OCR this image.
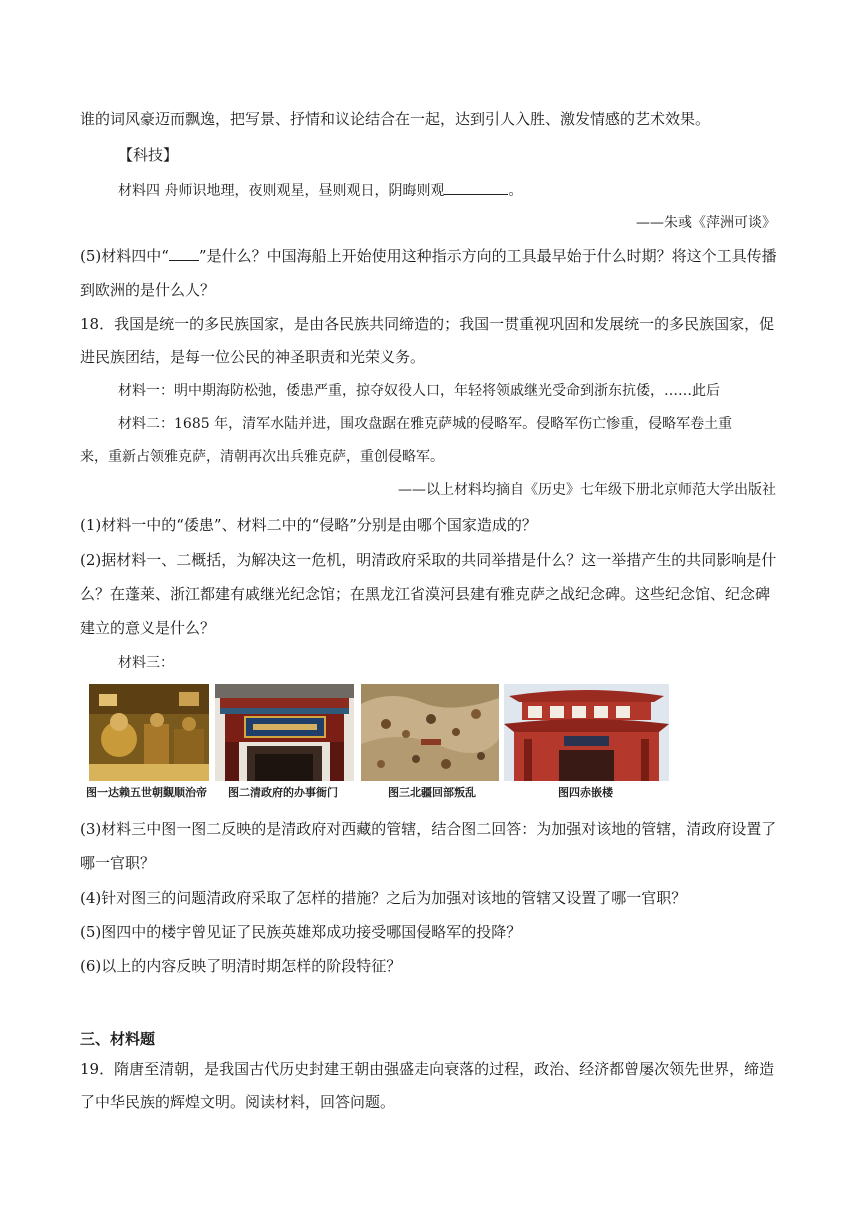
谁的词风豪迈而飘逸，把写景、抒情和议论结合在一起，达到引人入胜、激发情感的艺术效果。
【科技】
材料四 舟师识地理，夜则观星，昼则观日，阴晦则观	。
——朱彧《萍洲可谈》
(5)材料四中“ ”是什么？中国海船上开始使用这种指示方向的工具最早始于什么时期？将这个工具传播
到欧洲的是什么人？
18．我国是统一的多民族国家，是由各民族共同缔造的；我国一贯重视巩固和发展统一的多民族国家，促
进民族团结，是每一位公民的神圣职责和光荣义务。
材料一：明中期海防松弛，倭患严重，掠夺奴役人口，年轻将领戚继光受命到浙东抗倭，……此后
材料二：1685 年，清军水陆并进，围攻盘踞在雅克萨城的侵略军。侵略军伤亡惨重，侵略军卷土重
来，重新占领雅克萨，清朝再次出兵雅克萨，重创侵略军。
——以上材料均摘自《历史》七年级下册北京师范大学出版社
(1)材料一中的“倭患”、材料二中的“侵略”分别是由哪个国家造成的？
(2)据材料一、二概括，为解决这一危机，明清政府采取的共同举措是什么？这一举措产生的共同影响是什
么？在蓬莱、浙江都建有戚继光纪念馆；在黑龙江省漠河县建有雅克萨之战纪念碑。这些纪念馆、纪念碑
建立的意义是什么？
材料三：
图一达赖五世朝觐顺治帝 图二清政府的办事衙门	图三北疆回部叛乱	图四赤嵌楼
(3)材料三中图一图二反映的是清政府对西藏的管辖，结合图二回答：为加强对该地的管辖，清政府设置了
哪一官职？
(4)针对图三的问题清政府采取了怎样的措施？之后为加强对该地的管辖又设置了哪一官职？
(5)图四中的楼宇曾见证了民族英雄郑成功接受哪国侵略军的投降？
(6)以上的内容反映了明清时期怎样的阶段特征？
三、材料题
19．隋唐至清朝，是我国古代历史封建王朝由强盛走向衰落的过程，政治、经济都曾屡次领先世界，缔造
了中华民族的辉煌文明。阅读材料，回答问题。
